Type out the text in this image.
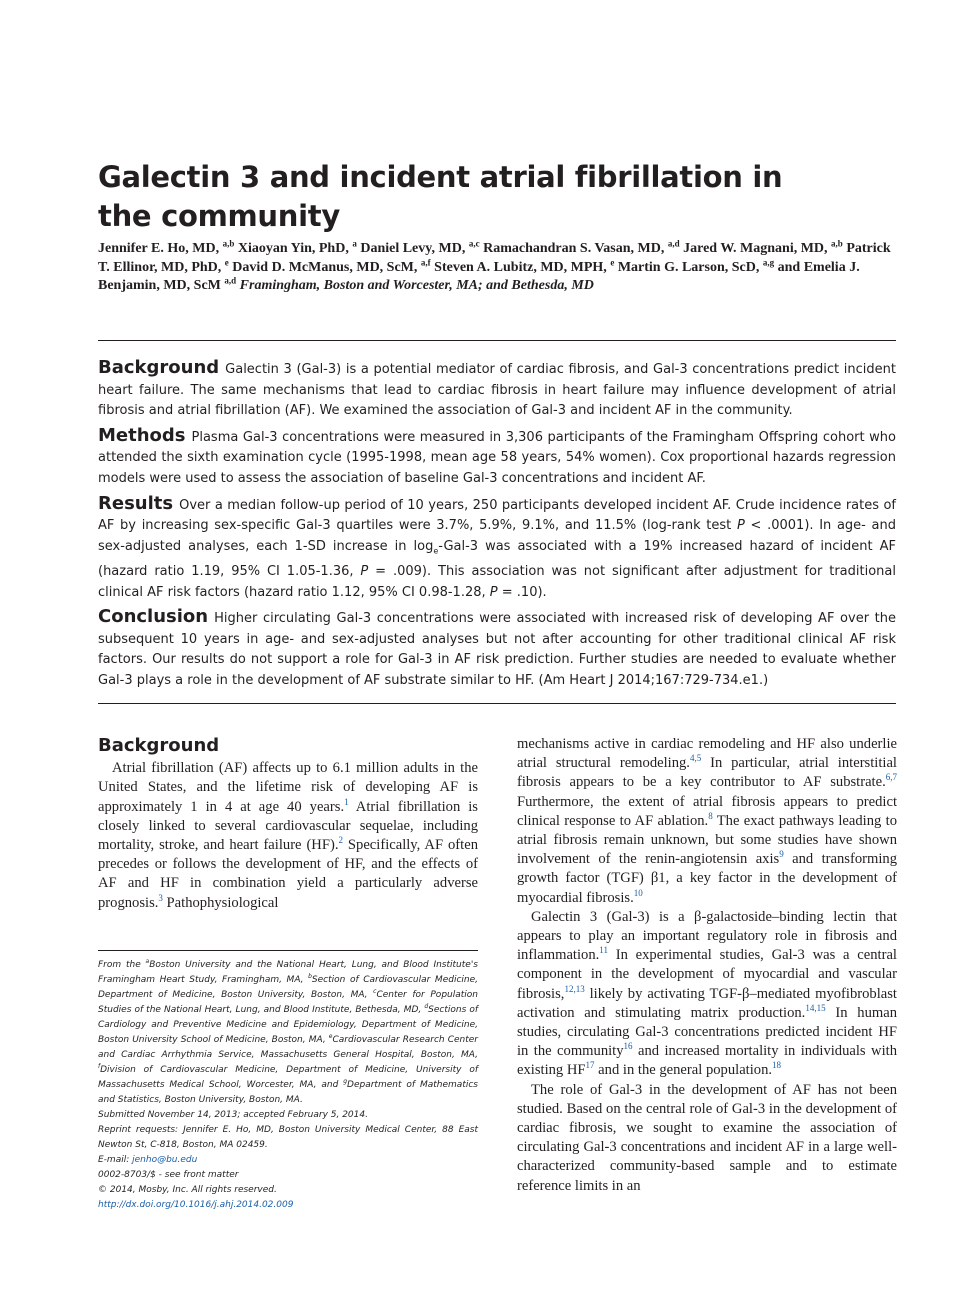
Galectin 3 and incident atrial fibrillation in the community
Jennifer E. Ho, MD, $^{a,b}$ Xiaoyan Yin, PhD, $^a$ Daniel Levy, MD, $^{a,c}$ Ramachandran S. Vasan, MD, $^{a,d}$ Jared W. Magnani, MD, $^{a,b}$ Patrick T. Ellinor, MD, PhD, $^e$ David D. McManus, MD, ScM, $^{a,f}$ Steven A. Lubitz, MD, MPH, $^e$ Martin G. Larson, ScD, $^{a,g}$ and Emelia J. Benjamin, MD, ScM $^{a,d}$ Framingham, Boston and Worcester, MA; and Bethesda, MD

Background Galectin 3 (Gal-3) is a potential mediator of cardiac fibrosis, and Gal-3 concentrations predict incident heart failure. The same mechanisms that lead to cardiac fibrosis in heart failure may influence development of atrial fibrosis and atrial fibrillation (AF). We examined the association of Gal-3 and incident AF in the community.

Methods Plasma Gal-3 concentrations were measured in 3,306 participants of the Framingham Offspring cohort who attended the sixth examination cycle (1995-1998, mean age 58 years, 54% women). Cox proportional hazards regression models were used to assess the association of baseline Gal-3 concentrations and incident AF.

Results Over a median follow-up period of 10 years, 250 participants developed incident AF. Crude incidence rates of AF by increasing sex-specific Gal-3 quartiles were 3.7%, 5.9%, 9.1%, and 11.5% (log-rank test P < .0001). In age- and sex-adjusted analyses, each 1-SD increase in $\log_e-Gal-3$ was associated with a 19% increased hazard of incident AF (hazard ratio 1.19, 95% CI 1.05-1.36, P = .009). This association was not significant after adjustment for traditional clinical AF risk factors (hazard ratio 1.12, 95% CI 0.98-1.28, P = .10).

Conclusion Higher circulating Gal-3 concentrations were associated with increased risk of developing AF over the subsequent 10 years in age- and sex-adjusted analyses but not after accounting for other traditional clinical AF risk factors. Our results do not support a role for Gal-3 in AF risk prediction. Further studies are needed to evaluate whether Gal-3 plays a role in the development of AF substrate similar to HF. (Am Heart J 2014;167:729-734.e1.)

Background

Atrial fibrillation (AF) affects up to 6.1 million adults in the United States, and the lifetime risk of developing AF is approximately 1 in 4 at age 40 years.$^1$ Atrial fibrillation is closely linked to several cardiovascular sequelae, including mortality, stroke, and heart failure (HF).$^2$ Specifically, AF often precedes or follows the development of HF, and the effects of AF and HF in combination yield a particularly adverse prognosis.$^3$ Pathophysiological

mechanisms active in cardiac remodeling and HF also underlie atrial structural remodeling.$^{4,5}$ In particular, atrial interstitial fibrosis appears to be a key contributor to AF substrate.$^{6,7}$ Furthermore, the extent of atrial fibrosis appears to predict clinical response to AF ablation.$^8$ The exact pathways leading to atrial fibrosis remain unknown, but some studies have shown involvement of the renin-angiotensin axis$^9$ and transforming growth factor (TGF) β1, a key factor in the development of myocardial fibrosis.$^{10}$

Galectin 3 (Gal-3) is a β-galactoside–binding lectin that appears to play an important regulatory role in fibrosis and inflammation.$^{11}$ In experimental studies, Gal-3 was a central component in the development of myocardial and vascular fibrosis,$^{12,13}$ likely by activating TGF-β–mediated myofibroblast activation and stimulating matrix production.$^{14,15}$ In human studies, circulating Gal-3 concentrations predicted incident HF in the community$^{16}$ and increased mortality in individuals with existing HF$^{17}$ and in the general population.$^{18}$

The role of Gal-3 in the development of AF has not been studied. Based on the central role of Gal-3 in the development of cardiac fibrosis, we sought to examine the association of circulating Gal-3 concentrations and incident AF in a large well-characterized community-based sample and to estimate reference limits in an

From the $^a$Boston University and the National Heart, Lung, and Blood Institute's Framingham Heart Study, Framingham, MA, $^b$Section of Cardiovascular Medicine, Department of Medicine, Boston University, Boston, MA, $^c$Center for Population Studies of the National Heart, Lung, and Blood Institute, Bethesda, MD, $^d$Sections of Cardiology and Preventive Medicine and Epidemiology, Department of Medicine, Boston University School of Medicine, Boston, MA, $^e$Cardiovascular Research Center and Cardiac Arrhythmia Service, Massachusetts General Hospital, Boston, MA, $^f$Division of Cardiovascular Medicine, Department of Medicine, University of Massachusetts Medical School, Worcester, MA, and $^g$Department of Mathematics and Statistics, Boston University, Boston, MA.

Submitted November 14, 2013; accepted February 5, 2014.

Reprint requests: Jennifer E. Ho, MD, Boston University Medical Center, 88 East Newton St, C-818, Boston, MA 02459.

E-mail: jenho@bu.edu

0002-8703/$ - see front matter

© 2014, Mosby, Inc. All rights reserved.

http://dx.doi.org/10.1016/j.ahj.2014.02.009
